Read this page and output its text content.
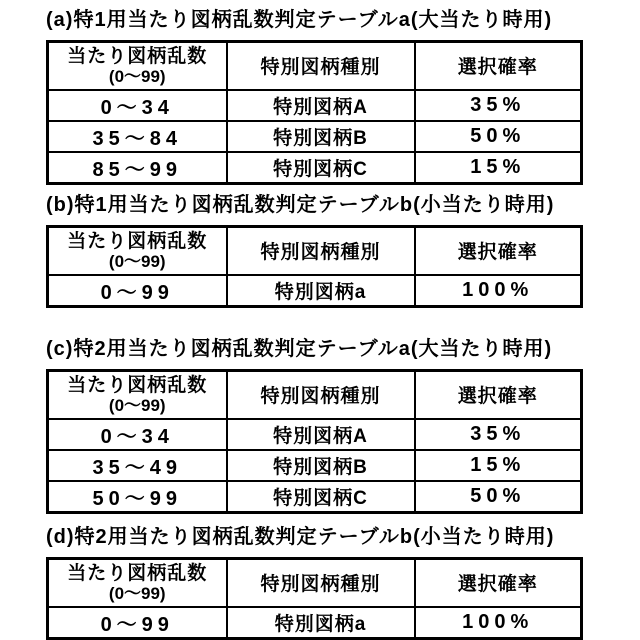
(a)特1用当たり図柄乱数判定テーブルa(大当たり時用)
当たり図柄乱数
(0〜99)	特別図柄種別	選択確率
0〜34	特別図柄A	35%
35〜84	特別図柄B	50%
85〜99	特別図柄C	15%
(b)特1用当たり図柄乱数判定テーブルb(小当たり時用)
当たり図柄乱数
(0〜99)	特別図柄種別	選択確率
0〜99	特別図柄a	100%
(c)特2用当たり図柄乱数判定テーブルa(大当たり時用)
当たり図柄乱数
(0〜99)	特別図柄種別	選択確率
0〜34	特別図柄A	35%
35〜49	特別図柄B	15%
50〜99	特別図柄C	50%
(d)特2用当たり図柄乱数判定テーブルb(小当たり時用)
当たり図柄乱数
(0〜99)	特別図柄種別	選択確率
0〜99	特別図柄a	100%
